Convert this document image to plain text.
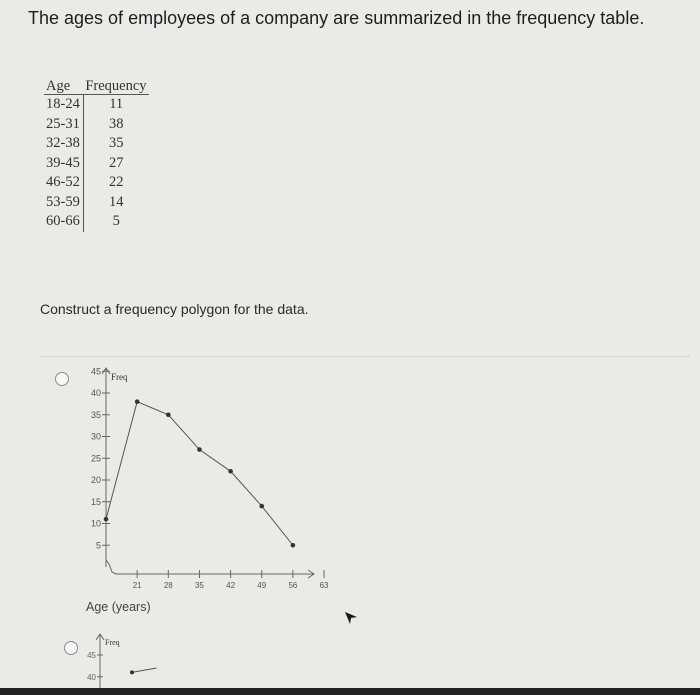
The ages of employees of a company are summarized in the frequency table.
Age	Frequency
18-24	11
25-31	38
32-38	35
39-45	27
46-52	22
53-59	14
60-66	5
Construct a frequency polygon for the data.
Freq
5
10
15
20
25
30
35
40
45
21	28	35	42	49	56	63
Age (years)
Freq
40
45
